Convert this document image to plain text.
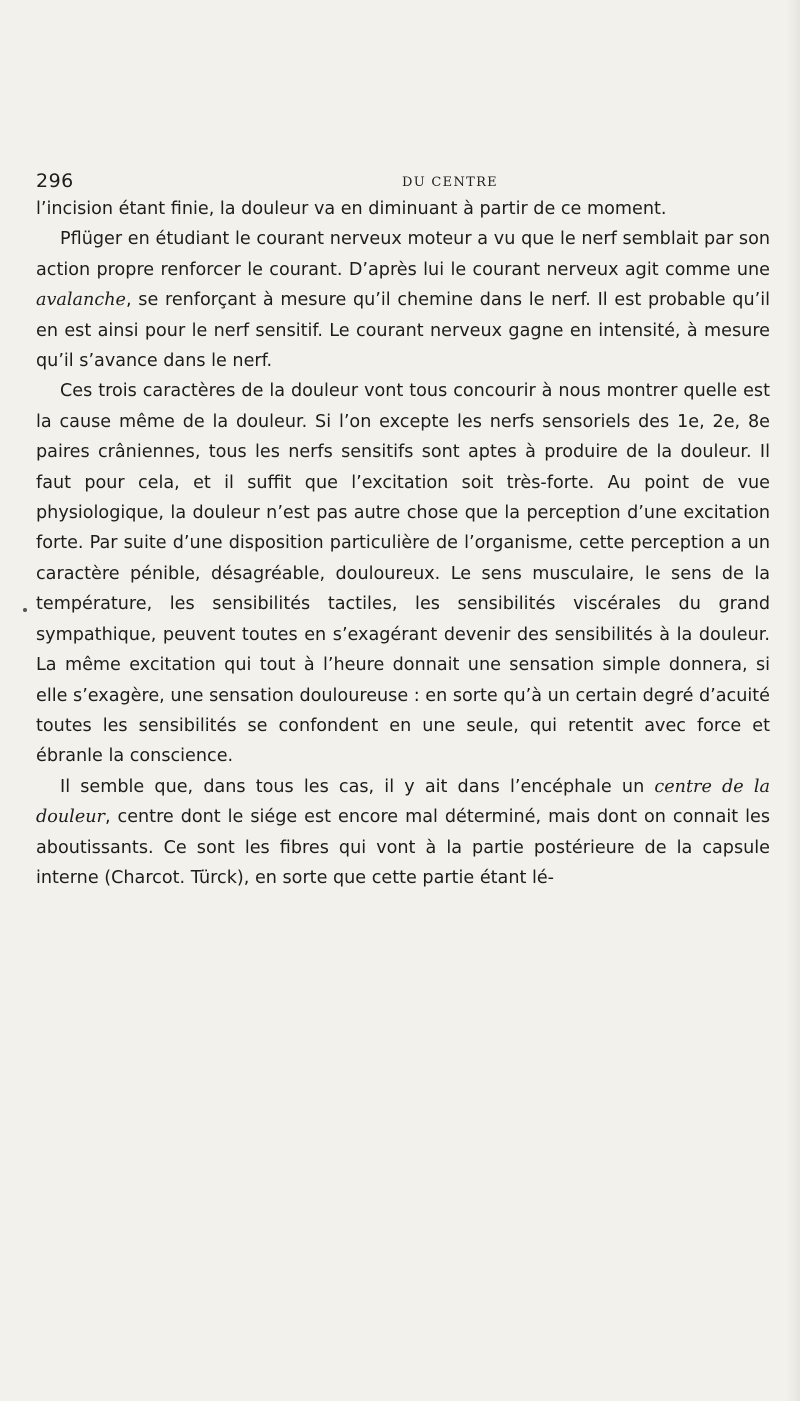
296	DU CENTRE

l’incision étant finie, la douleur va en diminuant à partir de ce moment.

Pflüger en étudiant le courant nerveux moteur a vu que le nerf semblait par son action propre renforcer le courant. D’après lui le courant nerveux agit comme une avalanche, se renforçant à mesure qu’il chemine dans le nerf. Il est probable qu’il en est ainsi pour le nerf sensitif. Le courant nerveux gagne en intensité, à mesure qu’il s’avance dans le nerf.

Ces trois caractères de la douleur vont tous concourir à nous montrer quelle est la cause même de la douleur. Si l’on excepte les nerfs sensoriels des 1e, 2e, 8e paires crâniennes, tous les nerfs sensitifs sont aptes à produire de la douleur. Il faut pour cela, et il suffit que l’excitation soit très-forte. Au point de vue physiologique, la douleur n’est pas autre chose que la perception d’une excitation forte. Par suite d’une disposition particulière de l’organisme, cette perception a un caractère pénible, désagréable, douloureux. Le sens musculaire, le sens de la température, les sensibilités tactiles, les sensibilités viscérales du grand sympathique, peuvent toutes en s’exagérant devenir des sensibilités à la douleur. La même excitation qui tout à l’heure donnait une sensation simple donnera, si elle s’exagère, une sensation douloureuse : en sorte qu’à un certain degré d’acuité toutes les sensibilités se confondent en une seule, qui retentit avec force et ébranle la conscience.

Il semble que, dans tous les cas, il y ait dans l’encéphale un centre de la douleur, centre dont le siége est encore mal déterminé, mais dont on connait les aboutissants. Ce sont les fibres qui vont à la partie postérieure de la capsule interne (Charcot. Türck), en sorte que cette partie étant lé-
